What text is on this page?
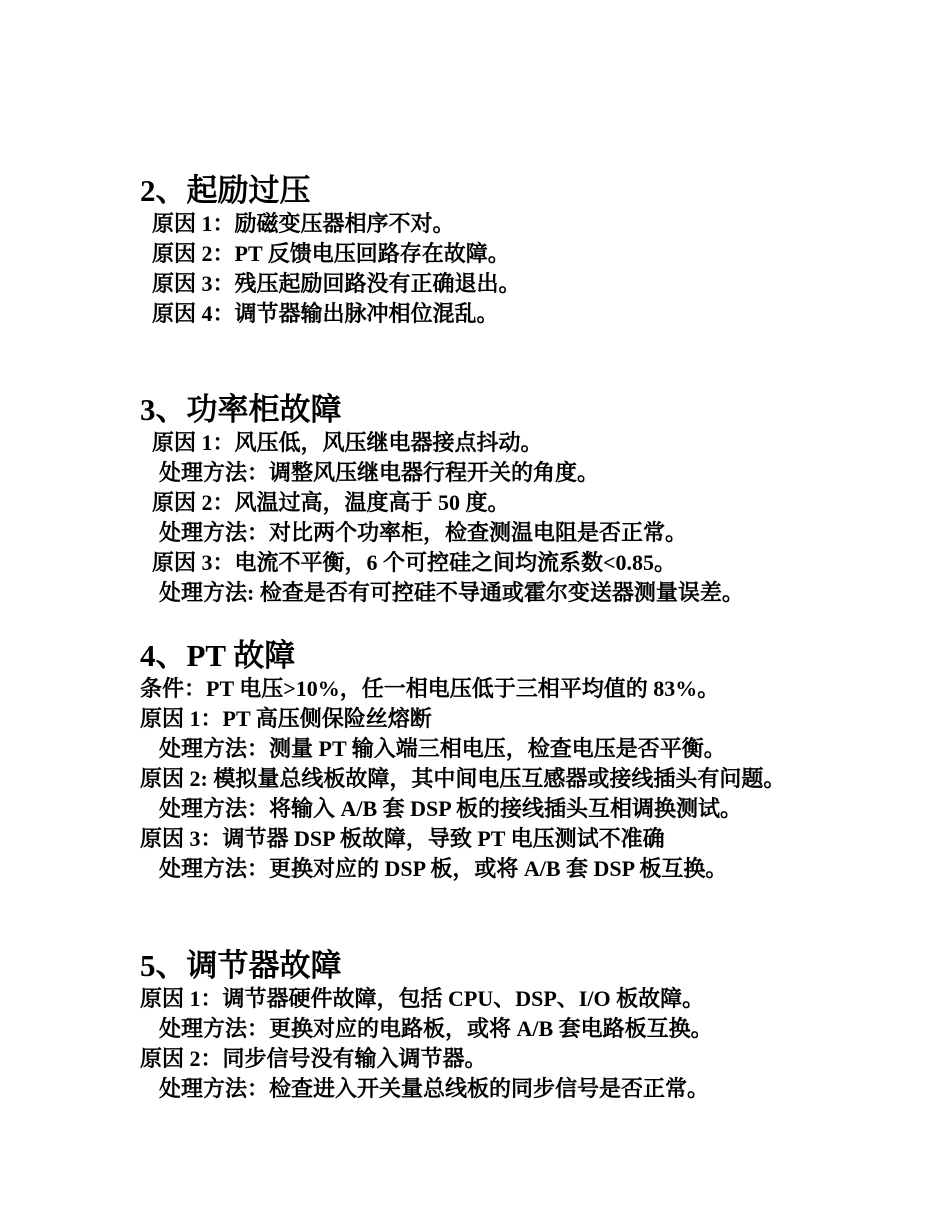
2、起励过压
原因 1：励磁变压器相序不对。
原因 2：PT 反馈电压回路存在故障。
原因 3：残压起励回路没有正确退出。
原因 4：调节器输出脉冲相位混乱。
3、功率柜故障
原因 1：风压低，风压继电器接点抖动。
处理方法：调整风压继电器行程开关的角度。
原因 2：风温过高，温度高于 50 度。
处理方法：对比两个功率柜，检查测温电阻是否正常。
原因 3：电流不平衡，6 个可控硅之间均流系数<0.85。
处理方法: 检查是否有可控硅不导通或霍尔变送器测量误差。
4、PT 故障
条件：PT 电压>10%，任一相电压低于三相平均值的 83%。
原因 1：PT 高压侧保险丝熔断
处理方法：测量 PT 输入端三相电压，检查电压是否平衡。
原因 2: 模拟量总线板故障，其中间电压互感器或接线插头有问题。
处理方法：将输入 A/B 套 DSP 板的接线插头互相调换测试。
原因 3：调节器 DSP 板故障，导致 PT 电压测试不准确
处理方法：更换对应的 DSP 板，或将 A/B 套 DSP 板互换。
5、调节器故障
原因 1：调节器硬件故障，包括 CPU、DSP、I/O 板故障。
处理方法：更换对应的电路板，或将 A/B 套电路板互换。
原因 2：同步信号没有输入调节器。
处理方法：检查进入开关量总线板的同步信号是否正常。
